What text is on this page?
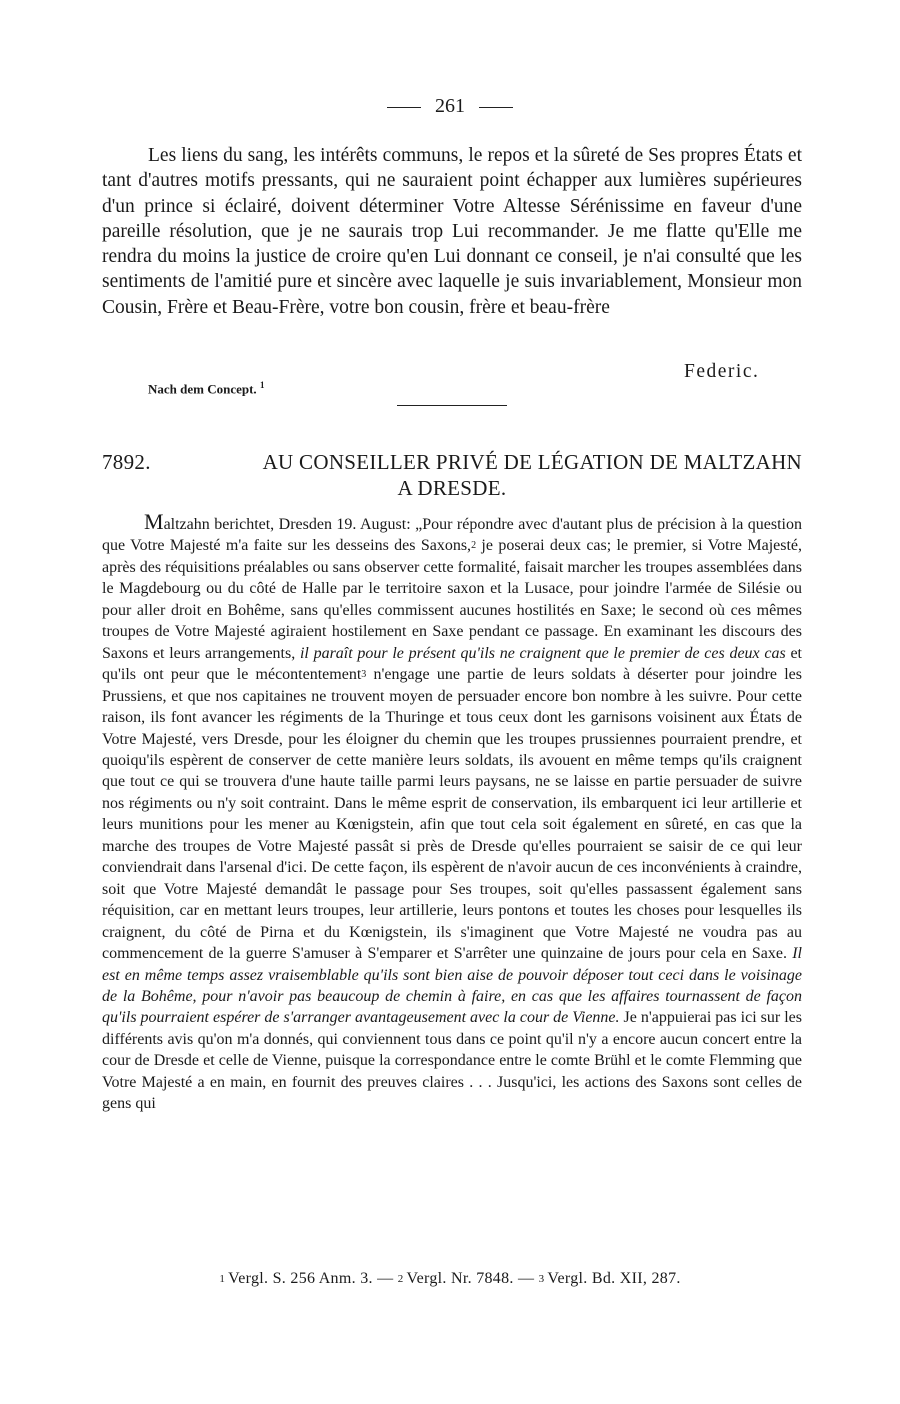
261

Les liens du sang, les intérêts communs, le repos et la sûreté de Ses propres États et tant d'autres motifs pressants, qui ne sauraient point échapper aux lumières supérieures d'un prince si éclairé, doivent déterminer Votre Altesse Sérénissime en faveur d'une pareille résolution, que je ne saurais trop Lui recommander. Je me flatte qu'Elle me rendra du moins la justice de croire qu'en Lui donnant ce conseil, je n'ai consulté que les sentiments de l'amitié pure et sincère avec laquelle je suis invariablement, Monsieur mon Cousin, Frère et Beau-Frère, votre bon cousin, frère et beau-frère

Federic.
Nach dem Concept. $^1$
7892.	AU CONSEILLER PRIVÉ DE LÉGATION DE MALTZAHN
A DRESDE.

Maltzahn berichtet, Dresden 19. August: „Pour répondre avec d'autant plus de précision à la question que Votre Majesté m'a faite sur les desseins des Saxons,2 je poserai deux cas; le premier, si Votre Majesté, après des réquisitions préalables ou sans observer cette formalité, faisait marcher les troupes assemblées dans le Magdebourg ou du côté de Halle par le territoire saxon et la Lusace, pour joindre l'armée de Silésie ou pour aller droit en Bohême, sans qu'elles commissent aucunes hostilités en Saxe; le second où ces mêmes troupes de Votre Majesté agiraient hostilement en Saxe pendant ce passage. En examinant les discours des Saxons et leurs arrangements, il paraît pour le présent qu'ils ne craignent que le premier de ces deux cas et qu'ils ont peur que le mécontentement3 n'engage une partie de leurs soldats à déserter pour joindre les Prussiens, et que nos capitaines ne trouvent moyen de persuader encore bon nombre à les suivre. Pour cette raison, ils font avancer les régiments de la Thuringe et tous ceux dont les garnisons voisinent aux États de Votre Majesté, vers Dresde, pour les éloigner du chemin que les troupes prussiennes pourraient prendre, et quoiqu'ils espèrent de conserver de cette manière leurs soldats, ils avouent en même temps qu'ils craignent que tout ce qui se trouvera d'une haute taille parmi leurs paysans, ne se laisse en partie persuader de suivre nos régiments ou n'y soit contraint. Dans le même esprit de conservation, ils embarquent ici leur artillerie et leurs munitions pour les mener au Kœnigstein, afin que tout cela soit également en sûreté, en cas que la marche des troupes de Votre Majesté passât si près de Dresde qu'elles pourraient se saisir de ce qui leur conviendrait dans l'arsenal d'ici. De cette façon, ils espèrent de n'avoir aucun de ces inconvénients à craindre, soit que Votre Majesté demandât le passage pour Ses troupes, soit qu'elles passassent également sans réquisition, car en mettant leurs troupes, leur artillerie, leurs pontons et toutes les choses pour lesquelles ils craignent, du côté de Pirna et du Kœnigstein, ils s'imaginent que Votre Majesté ne voudra pas au commencement de la guerre S'amuser à S'emparer et S'arrêter une quinzaine de jours pour cela en Saxe. Il est en même temps assez vraisemblable qu'ils sont bien aise de pouvoir déposer tout ceci dans le voisinage de la Bohême, pour n'avoir pas beaucoup de chemin à faire, en cas que les affaires tournassent de façon qu'ils pourraient espérer de s'arranger avantageusement avec la cour de Vienne. Je n'appuierai pas ici sur les différents avis qu'on m'a donnés, qui conviennent tous dans ce point qu'il n'y a encore aucun concert entre la cour de Dresde et celle de Vienne, puisque la correspondance entre le comte Brühl et le comte Flemming que Votre Majesté a en main, en fournit des preuves claires . . . Jusqu'ici, les actions des Saxons sont celles de gens qui

1 Vergl. S. 256 Anm. 3. — 2 Vergl. Nr. 7848. — 3 Vergl. Bd. XII, 287.
